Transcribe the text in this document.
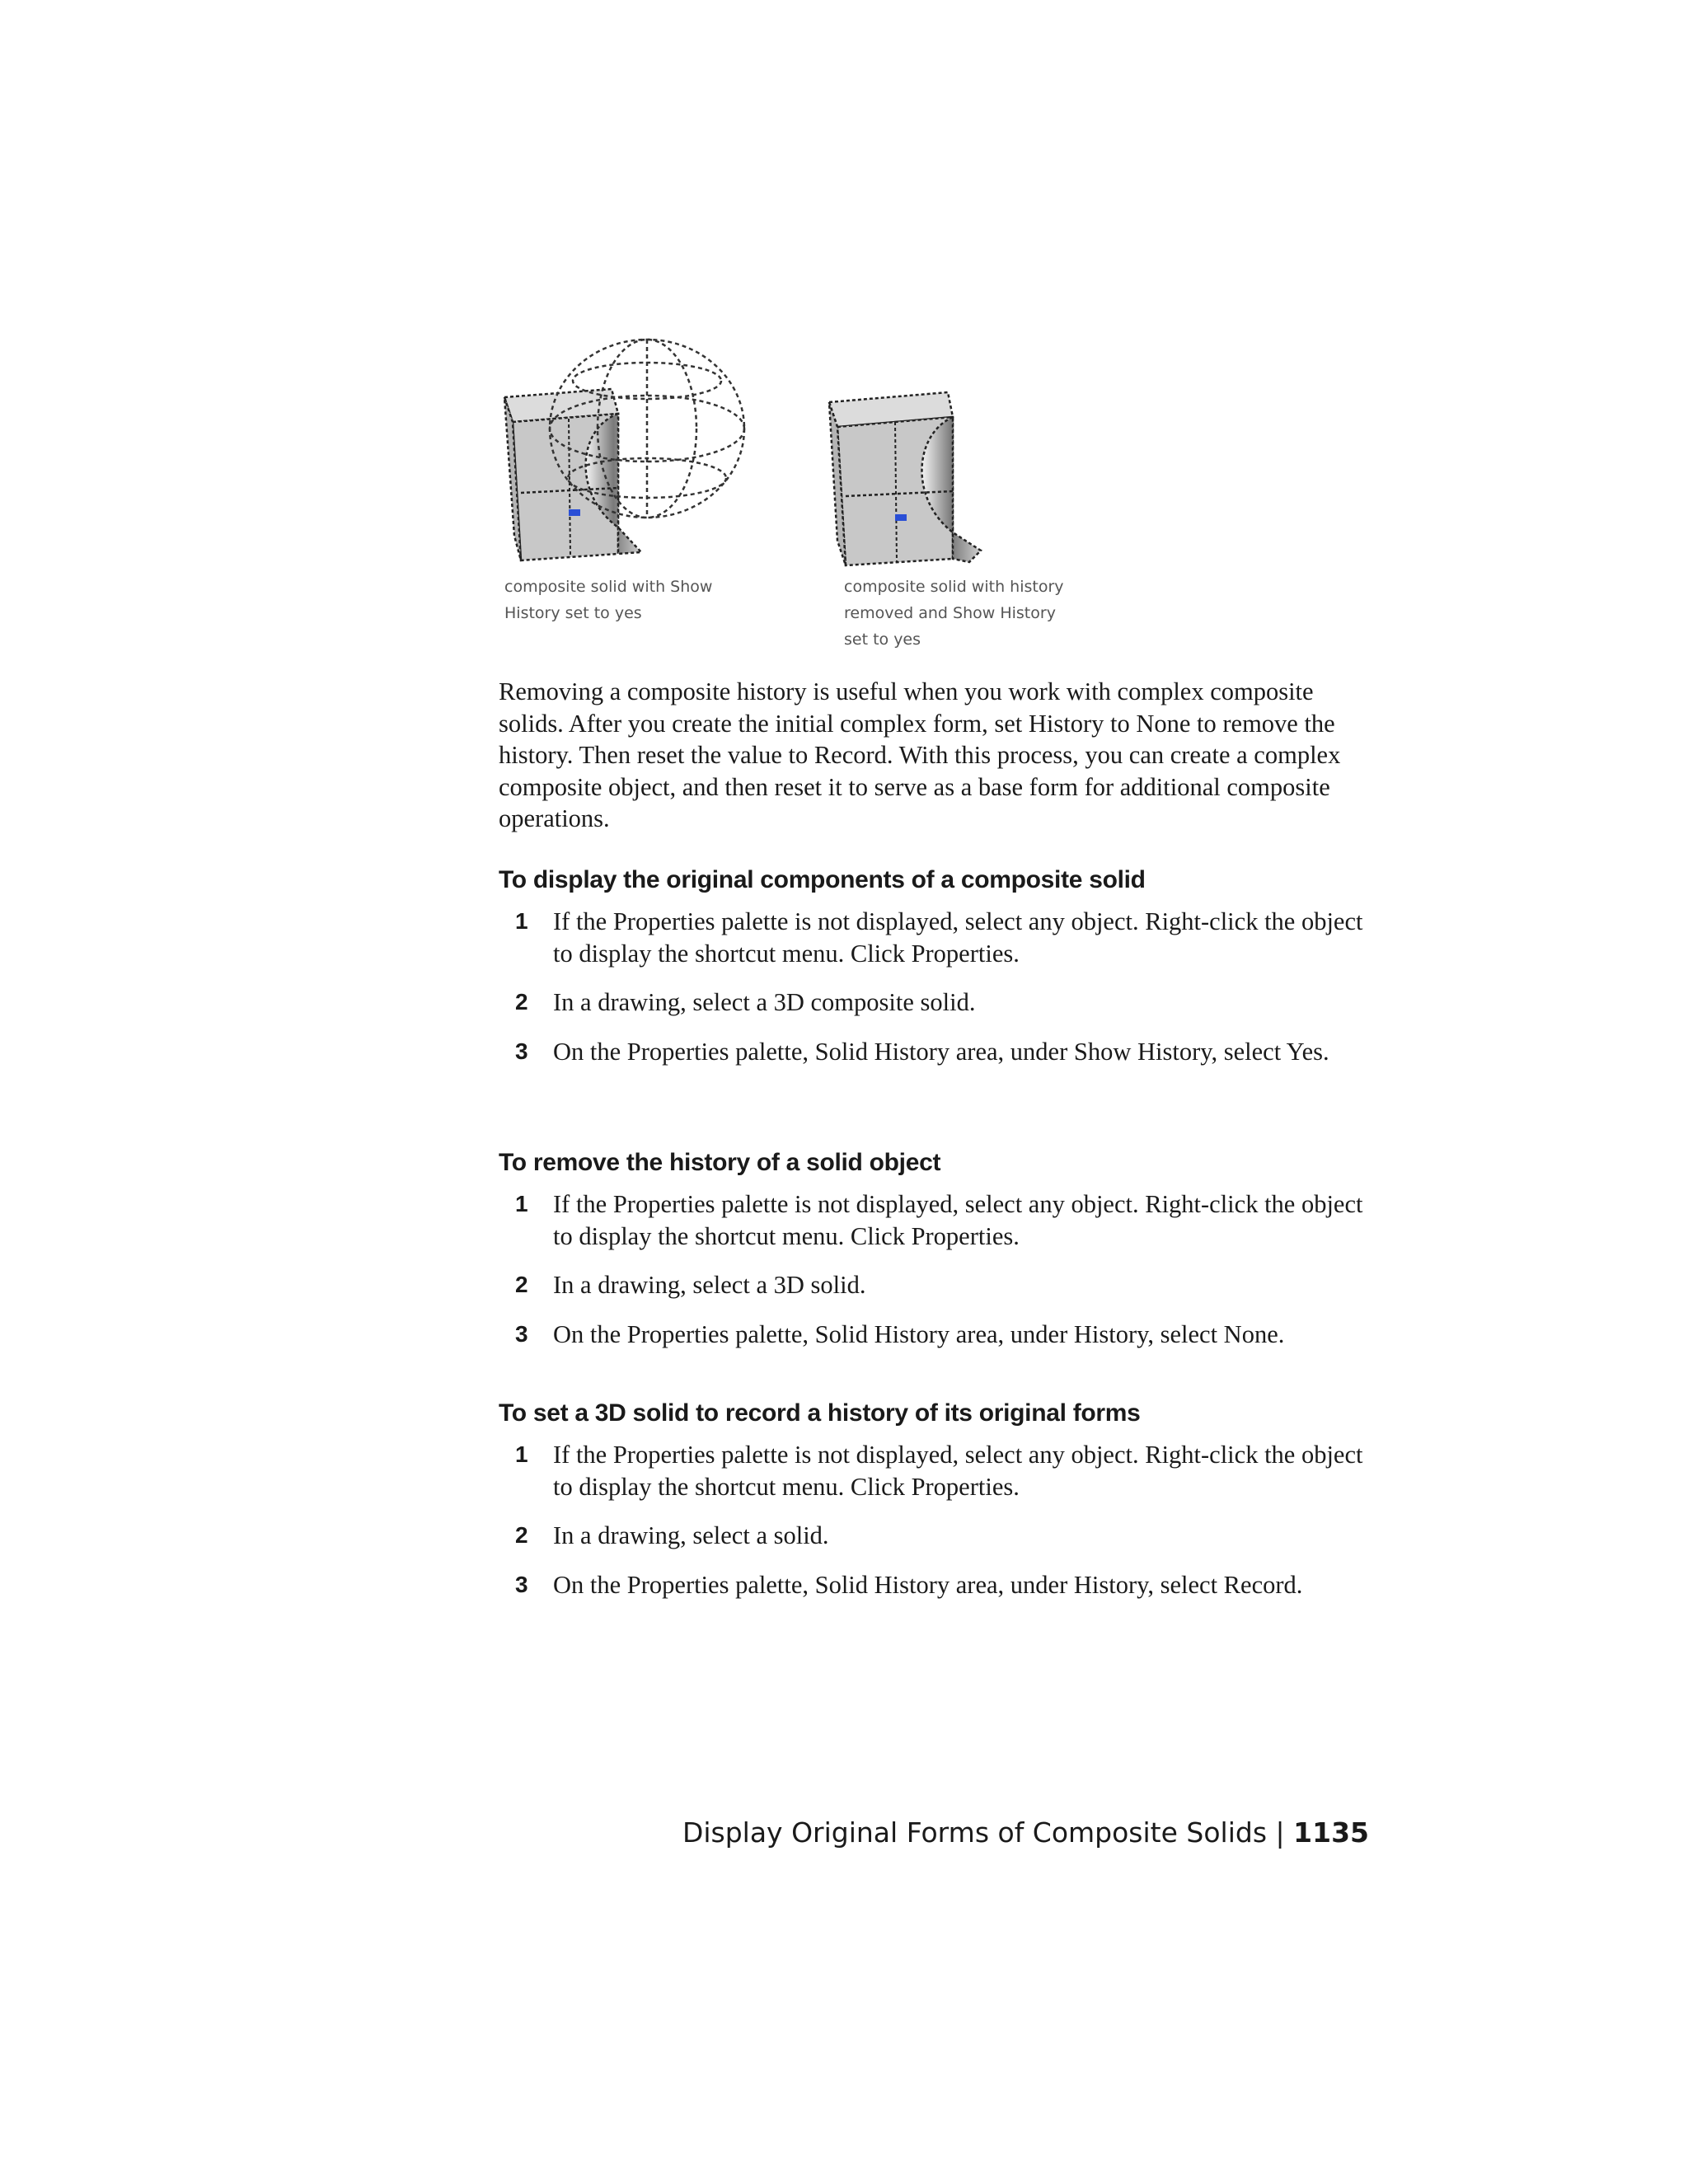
composite solid with Show
History set to yes
composite solid with history
removed and Show History
set to yes

Removing a composite history is useful when you work with complex composite solids. After you create the initial complex form, set History to None to remove the history. Then reset the value to Record. With this process, you can create a complex composite object, and then reset it to serve as a base form for additional composite operations.

To display the original components of a composite solid
1 If the Properties palette is not displayed, select any object. Right-click the object to display the shortcut menu. Click Properties.
2 In a drawing, select a 3D composite solid.
3 On the Properties palette, Solid History area, under Show History, select Yes.
To remove the history of a solid object
1 If the Properties palette is not displayed, select any object. Right-click the object to display the shortcut menu. Click Properties.
2 In a drawing, select a 3D solid.
3 On the Properties palette, Solid History area, under History, select None.
To set a 3D solid to record a history of its original forms
1 If the Properties palette is not displayed, select any object. Right-click the object to display the shortcut menu. Click Properties.
2 In a drawing, select a solid.
3 On the Properties palette, Solid History area, under History, select Record.
Display Original Forms of Composite Solids | 1135
